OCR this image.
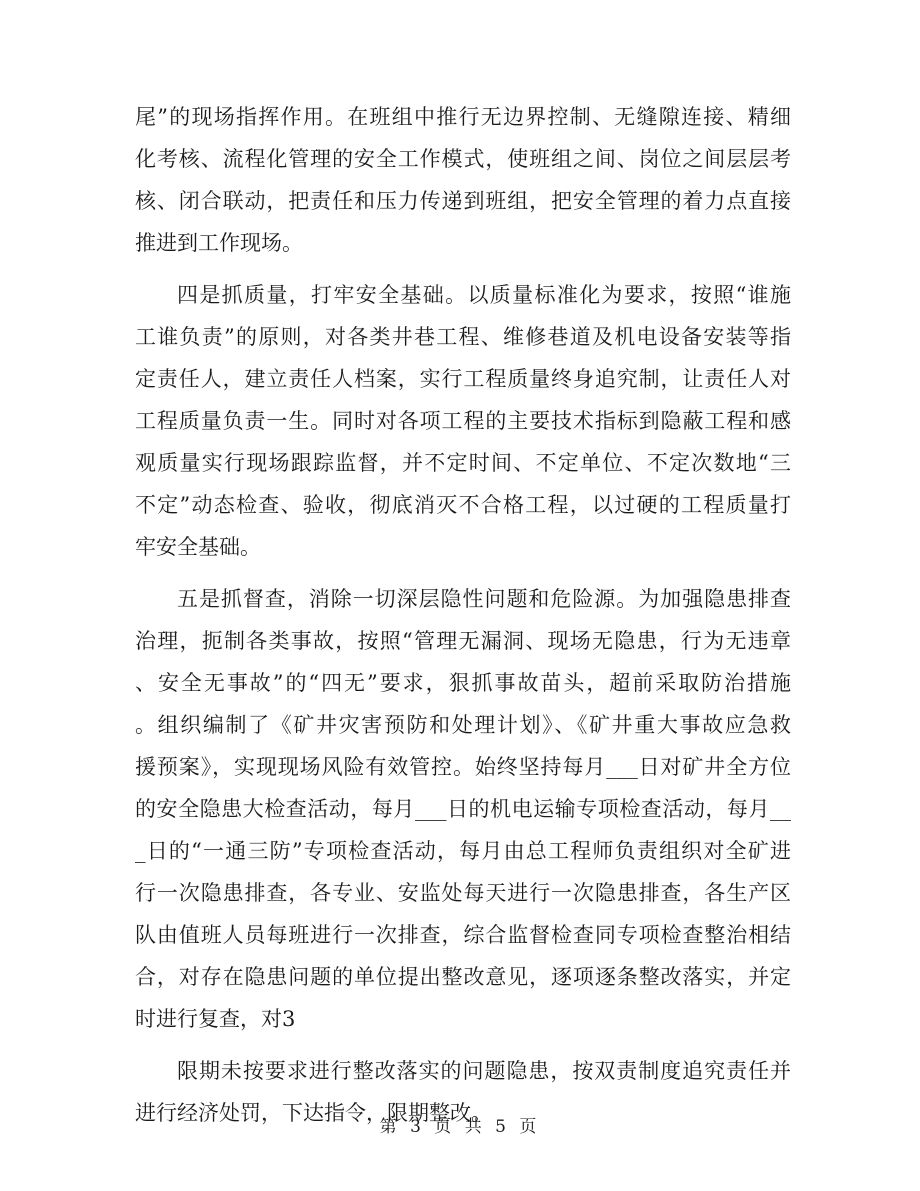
尾”的现场指挥作用。在班组中推行无边界控制、无缝隙连接、精细
化考核、流程化管理的安全工作模式，使班组之间、岗位之间层层考
核、闭合联动，把责任和压力传递到班组，把安全管理的着力点直接
推进到工作现场。
四是抓质量，打牢安全基础。以质量标准化为要求，按照“谁施
工谁负责”的原则，对各类井巷工程、维修巷道及机电设备安装等指
定责任人，建立责任人档案，实行工程质量终身追究制，让责任人对
工程质量负责一生。同时对各项工程的主要技术指标到隐蔽工程和感
观质量实行现场跟踪监督，并不定时间、不定单位、不定次数地“三
不定”动态检查、验收，彻底消灭不合格工程，以过硬的工程质量打
牢安全基础。
五是抓督查，消除一切深层隐性问题和危险源。为加强隐患排查
治理，扼制各类事故，按照“管理无漏洞、现场无隐患，行为无违章
、安全无事故”的“四无”要求，狠抓事故苗头，超前采取防治措施
。组织编制了《矿井灾害预防和处理计划》、《矿井重大事故应急救
援预案》，实现现场风险有效管控。始终坚持每月___日对矿井全方位
的安全隐患大检查活动，每月___日的机电运输专项检查活动，每月__
_日的“一通三防”专项检查活动，每月由总工程师负责组织对全矿进
行一次隐患排查，各专业、安监处每天进行一次隐患排查，各生产区
队由值班人员每班进行一次排查，综合监督检查同专项检查整治相结
合，对存在隐患问题的单位提出整改意见，逐项逐条整改落实，并定
时进行复查，对3
限期未按要求进行整改落实的问题隐患，按双责制度追究责任并
进行经济处罚，下达指令，限期整改。
第 3 页 共 5 页
